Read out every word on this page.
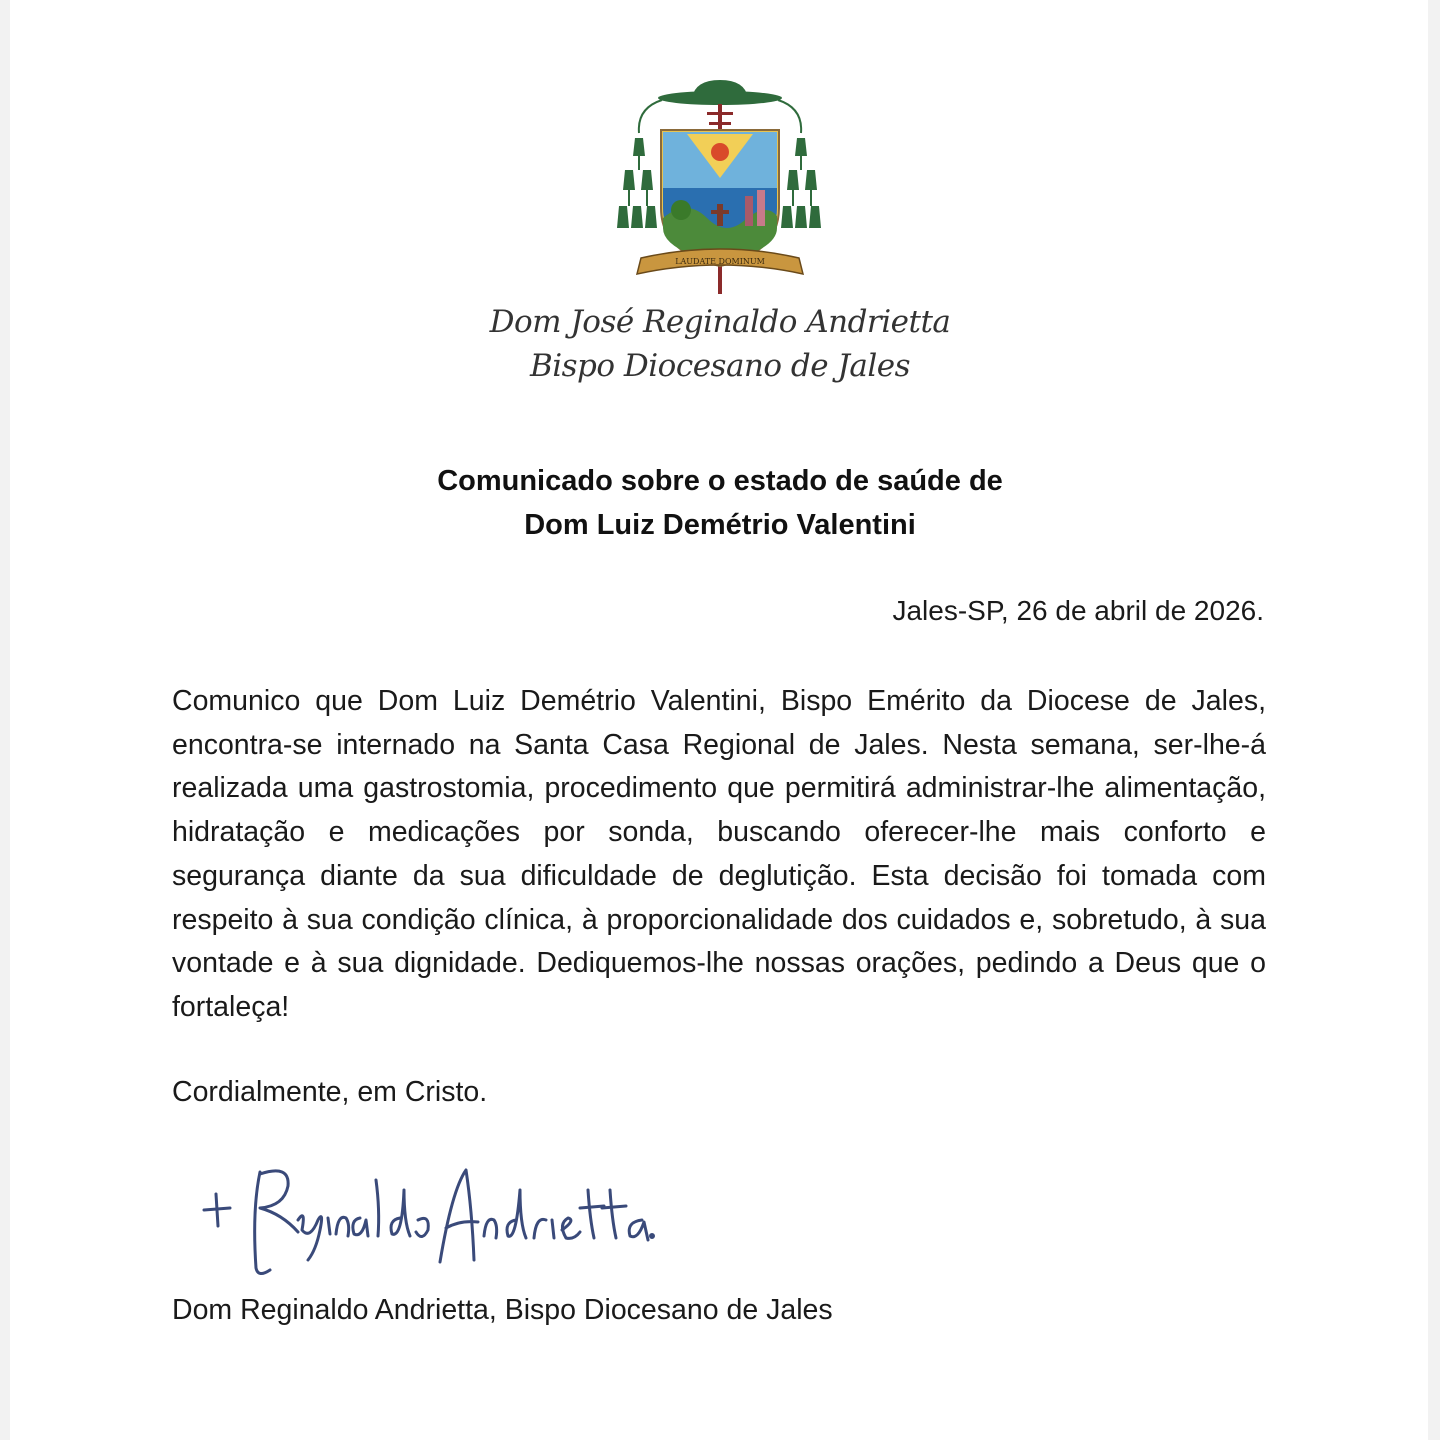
LAUDATE DOMINUM
Dom José Reginaldo Andrietta
Bispo Diocesano de Jales
Comunicado sobre o estado de saúde de
Dom Luiz Demétrio Valentini
Jales-SP, 26 de abril de 2026.
Comunico que Dom Luiz Demétrio Valentini, Bispo Emérito da Diocese de Jales, encontra-se internado na Santa Casa Regional de Jales. Nesta semana, ser-lhe-á realizada uma gastrostomia, procedimento que permitirá administrar-lhe alimentação, hidratação e medicações por sonda, buscando oferecer-lhe mais conforto e segurança diante da sua dificuldade de deglutição. Esta decisão foi tomada com respeito à sua condição clínica, à proporcionalidade dos cuidados e, sobretudo, à sua vontade e à sua dignidade. Dediquemos-lhe nossas orações, pedindo a Deus que o fortaleça!
Cordialmente, em Cristo.
Dom Reginaldo Andrietta, Bispo Diocesano de Jales
